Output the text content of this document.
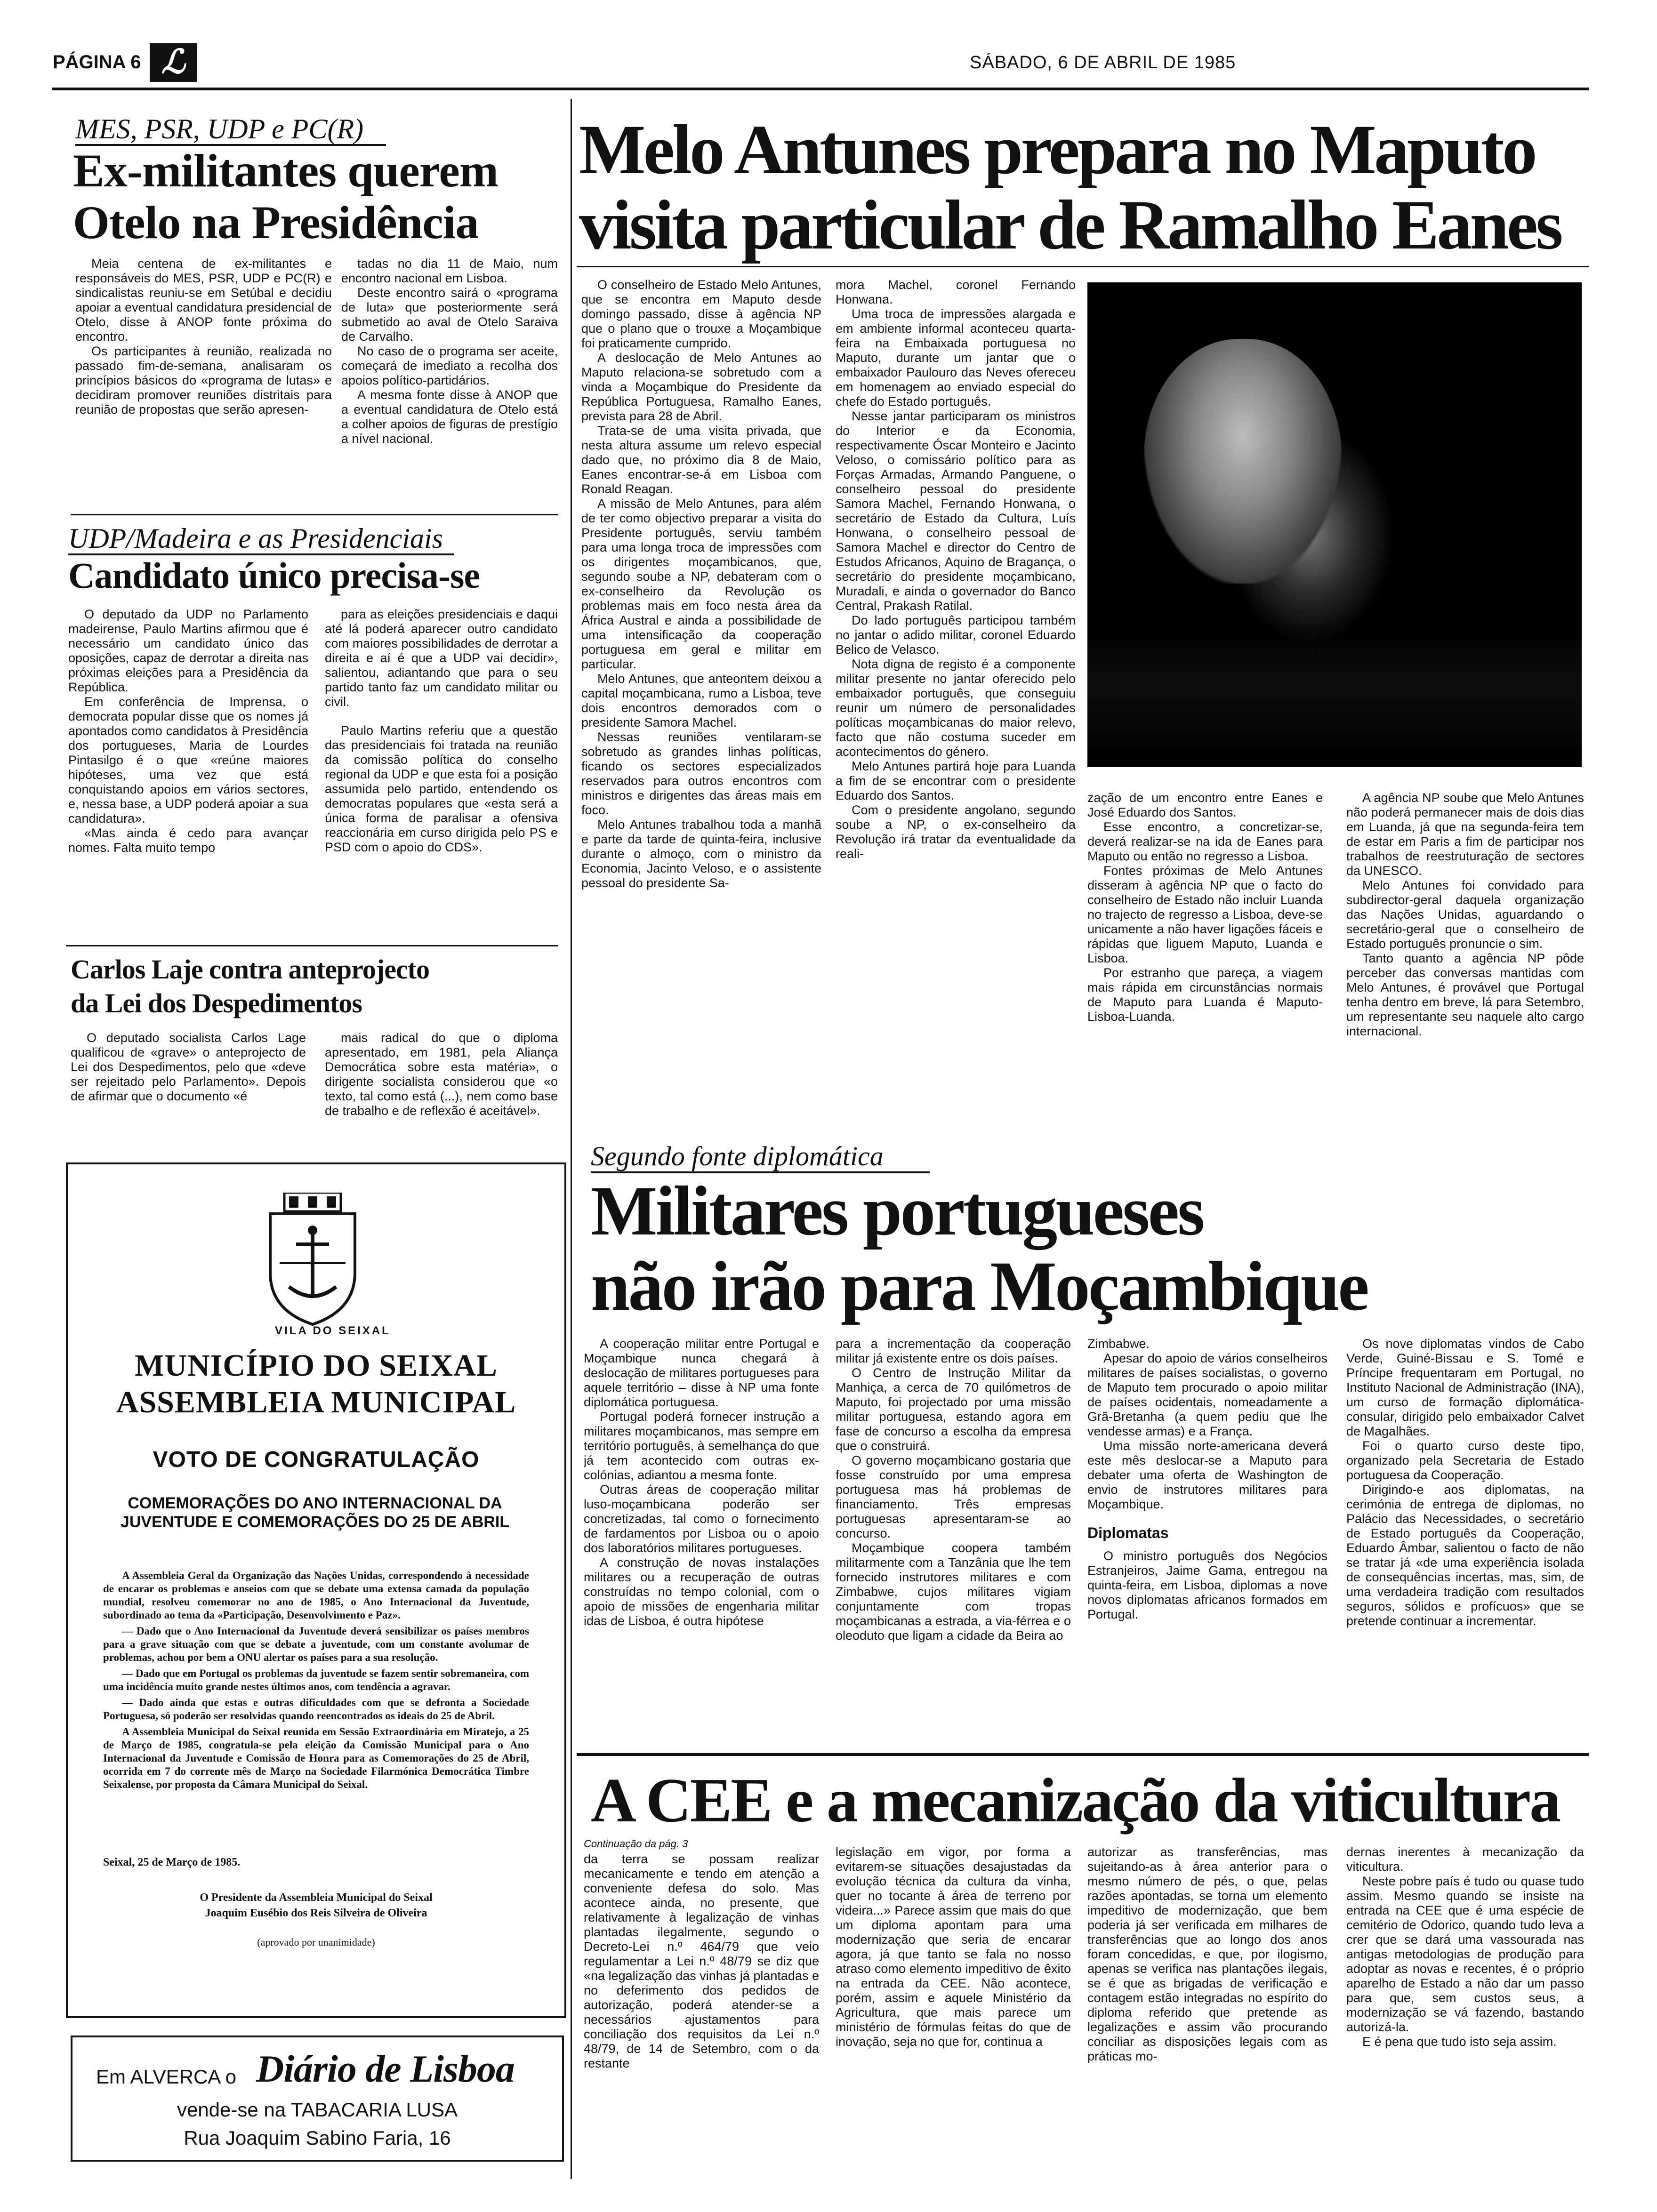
PÁGINA 6 ℒ	SÁBADO, 6 DE ABRIL DE 1985
MES, PSR, UDP e PC(R)
Ex-militantes querem
Otelo na Presidência

Meia centena de ex-militantes e responsáveis do MES, PSR, UDP e PC(R) e sindicalistas reuniu-se em Setúbal e decidiu apoiar a eventual candidatura presidencial de Otelo, disse à ANOP fonte próxima do encontro.

Os participantes à reunião, realizada no passado fim-de-semana, analisaram os princípios básicos do «programa de lutas» e decidiram promover reuniões distritais para reunião de propostas que serão apresen-

tadas no dia 11 de Maio, num encontro nacional em Lisboa.

Deste encontro sairá o «programa de luta» que posteriormente será submetido ao aval de Otelo Saraiva de Carvalho.

No caso de o programa ser aceite, começará de imediato a recolha dos apoios político-partidários.

A mesma fonte disse à ANOP que a eventual candidatura de Otelo está a colher apoios de figuras de prestígio a nível nacional.

UDP/Madeira e as Presidenciais
Candidato único precisa-se

O deputado da UDP no Parlamento madeirense, Paulo Martins afirmou que é necessário um candidato único das oposições, capaz de derrotar a direita nas próximas eleições para a Presidência da República.

Em conferência de Imprensa, o democrata popular disse que os nomes já apontados como candidatos à Presidência dos portugueses, Maria de Lourdes Pintasilgo é o que «reúne maiores hipóteses, uma vez que está conquistando apoios em vários sectores, e, nessa base, a UDP poderá apoiar a sua candidatura».

«Mas ainda é cedo para avançar nomes. Falta muito tempo

para as eleições presidenciais e daqui até lá poderá aparecer outro candidato com maiores possibilidades de derrotar a direita e aí é que a UDP vai decidir», salientou, adiantando que para o seu partido tanto faz um candidato militar ou civil.

Paulo Martins referiu que a questão das presidenciais foi tratada na reunião da comissão política do conselho regional da UDP e que esta foi a posição assumida pelo partido, entendendo os democratas populares que «esta será a única forma de paralisar a ofensiva reaccionária em curso dirigida pelo PS e PSD com o apoio do CDS».

Carlos Laje contra anteprojecto
da Lei dos Despedimentos

O deputado socialista Carlos Lage qualificou de «grave» o anteprojecto de Lei dos Despedimentos, pelo que «deve ser rejeitado pelo Parlamento». Depois de afirmar que o documento «é

mais radical do que o diploma apresentado, em 1981, pela Aliança Democrática sobre esta matéria», o dirigente socialista considerou que «o texto, tal como está (...), nem como base de trabalho e de reflexão é aceitável».

VILA DO SEIXAL
MUNICÍPIO DO SEIXAL
ASSEMBLEIA MUNICIPAL
VOTO DE CONGRATULAÇÃO
COMEMORAÇÕES DO ANO INTERNACIONAL DA JUVENTUDE E COMEMORAÇÕES DO 25 DE ABRIL

A Assembleia Geral da Organização das Nações Unidas, correspondendo à necessidade de encarar os problemas e anseios com que se debate uma extensa camada da população mundial, resolveu comemorar no ano de 1985, o Ano Internacional da Juventude, subordinado ao tema da «Participação, Desenvolvimento e Paz».

— Dado que o Ano Internacional da Juventude deverá sensibilizar os países membros para a grave situação com que se debate a juventude, com um constante avolumar de problemas, achou por bem a ONU alertar os países para a sua resolução.

— Dado que em Portugal os problemas da juventude se fazem sentir sobremaneira, com uma incidência muito grande nestes últimos anos, com tendência a agravar.

— Dado ainda que estas e outras dificuldades com que se defronta a Sociedade Portuguesa, só poderão ser resolvidas quando reencontrados os ideais do 25 de Abril.

A Assembleia Municipal do Seixal reunida em Sessão Extraordinária em Miratejo, a 25 de Março de 1985, congratula-se pela eleição da Comissão Municipal para o Ano Internacional da Juventude e Comissão de Honra para as Comemorações do 25 de Abril, ocorrida em 7 do corrente mês de Março na Sociedade Filarmónica Democrática Timbre Seixalense, por proposta da Câmara Municipal do Seixal.

Seixal, 25 de Março de 1985.
O Presidente da Assembleia Municipal do Seixal
Joaquim Eusébio dos Reis Silveira de Oliveira
(aprovado por unanimidade)
Em ALVERCA o Diário de Lisboa
vende-se na TABACARIA LUSA
Rua Joaquim Sabino Faria, 16
Melo Antunes prepara no Maputo
visita particular de Ramalho Eanes

O conselheiro de Estado Melo Antunes, que se encontra em Maputo desde domingo passado, disse à agência NP que o plano que o trouxe a Moçambique foi praticamente cumprido.

A deslocação de Melo Antunes ao Maputo relaciona-se sobretudo com a vinda a Moçambique do Presidente da República Portuguesa, Ramalho Eanes, prevista para 28 de Abril.

Trata-se de uma visita privada, que nesta altura assume um relevo especial dado que, no próximo dia 8 de Maio, Eanes encontrar-se-á em Lisboa com Ronald Reagan.

A missão de Melo Antunes, para além de ter como objectivo preparar a visita do Presidente português, serviu também para uma longa troca de impressões com os dirigentes moçambicanos, que, segundo soube a NP, debateram com o ex-conselheiro da Revolução os problemas mais em foco nesta área da África Austral e ainda a possibilidade de uma intensificação da cooperação portuguesa em geral e militar em particular.

Melo Antunes, que anteontem deixou a capital moçambicana, rumo a Lisboa, teve dois encontros demorados com o presidente Samora Machel.

Nessas reuniões ventilaram-se sobretudo as grandes linhas políticas, ficando os sectores especializados reservados para outros encontros com ministros e dirigentes das áreas mais em foco.

Melo Antunes trabalhou toda a manhã e parte da tarde de quinta-feira, inclusive durante o almoço, com o ministro da Economia, Jacinto Veloso, e o assistente pessoal do presidente Sa-

mora Machel, coronel Fernando Honwana.

Uma troca de impressões alargada e em ambiente informal aconteceu quarta-feira na Embaixada portuguesa no Maputo, durante um jantar que o embaixador Paulouro das Neves ofereceu em homenagem ao enviado especial do chefe do Estado português.

Nesse jantar participaram os ministros do Interior e da Economia, respectivamente Óscar Monteiro e Jacinto Veloso, o comissário político para as Forças Armadas, Armando Panguene, o conselheiro pessoal do presidente Samora Machel, Fernando Honwana, o secretário de Estado da Cultura, Luís Honwana, o conselheiro pessoal de Samora Machel e director do Centro de Estudos Africanos, Aquino de Bragança, o secretário do presidente moçambicano, Muradali, e ainda o governador do Banco Central, Prakash Ratilal.

Do lado português participou também no jantar o adido militar, coronel Eduardo Belico de Velasco.

Nota digna de registo é a componente militar presente no jantar oferecido pelo embaixador português, que conseguiu reunir um número de personalidades políticas moçambicanas do maior relevo, facto que não costuma suceder em acontecimentos do género.

Melo Antunes partirá hoje para Luanda a fim de se encontrar com o presidente Eduardo dos Santos.

Com o presidente angolano, segundo soube a NP, o ex-conselheiro da Revolução irá tratar da eventualidade da reali-

zação de um encontro entre Eanes e José Eduardo dos Santos.

Esse encontro, a concretizar-se, deverá realizar-se na ida de Eanes para Maputo ou então no regresso a Lisboa.

Fontes próximas de Melo Antunes disseram à agência NP que o facto do conselheiro de Estado não incluir Luanda no trajecto de regresso a Lisboa, deve-se unicamente a não haver ligações fáceis e rápidas que liguem Maputo, Luanda e Lisboa.

Por estranho que pareça, a viagem mais rápida em circunstâncias normais de Maputo para Luanda é Maputo-Lisboa-Luanda.

A agência NP soube que Melo Antunes não poderá permanecer mais de dois dias em Luanda, já que na segunda-feira tem de estar em Paris a fim de participar nos trabalhos de reestruturação de sectores da UNESCO.

Melo Antunes foi convidado para subdirector-geral daquela organização das Nações Unidas, aguardando o secretário-geral que o conselheiro de Estado português pronuncie o sim.

Tanto quanto a agência NP pôde perceber das conversas mantidas com Melo Antunes, é provável que Portugal tenha dentro em breve, lá para Setembro, um representante seu naquele alto cargo internacional.

Segundo fonte diplomática
Militares portugueses
não irão para Moçambique

A cooperação militar entre Portugal e Moçambique nunca chegará à deslocação de militares portugueses para aquele território – disse à NP uma fonte diplomática portuguesa.

Portugal poderá fornecer instrução a militares moçambicanos, mas sempre em território português, à semelhança do que já tem acontecido com outras ex-colónias, adiantou a mesma fonte.

Outras áreas de cooperação militar luso-moçambicana poderão ser concretizadas, tal como o fornecimento de fardamentos por Lisboa ou o apoio dos laboratórios militares portugueses.

A construção de novas instalações militares ou a recuperação de outras construídas no tempo colonial, com o apoio de missões de engenharia militar idas de Lisboa, é outra hipótese

para a incrementação da cooperação militar já existente entre os dois países.

O Centro de Instrução Militar da Manhiça, a cerca de 70 quilómetros de Maputo, foi projectado por uma missão militar portuguesa, estando agora em fase de concurso a escolha da empresa que o construirá.

O governo moçambicano gostaria que fosse construído por uma empresa portuguesa mas há problemas de financiamento. Três empresas portuguesas apresentaram-se ao concurso.

Moçambique coopera também militarmente com a Tanzânia que lhe tem fornecido instrutores militares e com Zimbabwe, cujos militares vigiam conjuntamente com tropas moçambicanas a estrada, a via-férrea e o oleoduto que ligam a cidade da Beira ao

Zimbabwe.

Apesar do apoio de vários conselheiros militares de países socialistas, o governo de Maputo tem procurado o apoio militar de países ocidentais, nomeadamente a Grã-Bretanha (a quem pediu que lhe vendesse armas) e a França.

Uma missão norte-americana deverá este mês deslocar-se a Maputo para debater uma oferta de Washington de envio de instrutores militares para Moçambique.

Diplomatas

O ministro português dos Negócios Estranjeiros, Jaime Gama, entregou na quinta-feira, em Lisboa, diplomas a nove novos diplomatas africanos formados em Portugal.

Os nove diplomatas vindos de Cabo Verde, Guiné-Bissau e S. Tomé e Príncipe frequentaram em Portugal, no Instituto Nacional de Administração (INA), um curso de formação diplomática-consular, dirigido pelo embaixador Calvet de Magalhães.

Foi o quarto curso deste tipo, organizado pela Secretaria de Estado portuguesa da Cooperação.

Dirigindo-e aos diplomatas, na cerimónia de entrega de diplomas, no Palácio das Necessidades, o secretário de Estado português da Cooperação, Eduardo Âmbar, salientou o facto de não se tratar já «de uma experiência isolada de consequências incertas, mas, sim, de uma verdadeira tradição com resultados seguros, sólidos e profícuos» que se pretende continuar a incrementar.

A CEE e a mecanização da viticultura
Continuação da pág. 3

da terra se possam realizar mecanicamente e tendo em atenção a conveniente defesa do solo. Mas acontece ainda, no presente, que relativamente à legalização de vinhas plantadas ilegalmente, segundo o Decreto-Lei n.º 464/79 que veio regulamentar a Lei n.º 48/79 se diz que «na legalização das vinhas já plantadas e no deferimento dos pedidos de autorização, poderá atender-se a necessários ajustamentos para conciliação dos requisitos da Lei n.º 48/79, de 14 de Setembro, com o da restante

legislação em vigor, por forma a evitarem-se situações desajustadas da evolução técnica da cultura da vinha, quer no tocante à área de terreno por videira...» Parece assim que mais do que um diploma apontam para uma modernização que seria de encarar agora, já que tanto se fala no nosso atraso como elemento impeditivo de êxito na entrada da CEE. Não acontece, porém, assim e aquele Ministério da Agricultura, que mais parece um ministério de fórmulas feitas do que de inovação, seja no que for, continua a

autorizar as transferências, mas sujeitando-as à área anterior para o mesmo número de pés, o que, pelas razões apontadas, se torna um elemento impeditivo de modernização, que bem poderia já ser verificada em milhares de transferências que ao longo dos anos foram concedidas, e que, por ilogismo, apenas se verifica nas plantações ilegais, se é que as brigadas de verificação e contagem estão integradas no espírito do diploma referido que pretende as legalizações e assim vão procurando conciliar as disposições legais com as práticas mo-

dernas inerentes à mecanização da viticultura.

Neste pobre país é tudo ou quase tudo assim. Mesmo quando se insiste na entrada na CEE que é uma espécie de cemitério de Odorico, quando tudo leva a crer que se dará uma vassourada nas antigas metodologias de produção para adoptar as novas e recentes, é o próprio aparelho de Estado a não dar um passo para que, sem custos seus, a modernização se vá fazendo, bastando autorizá-la.

E é pena que tudo isto seja assim.
